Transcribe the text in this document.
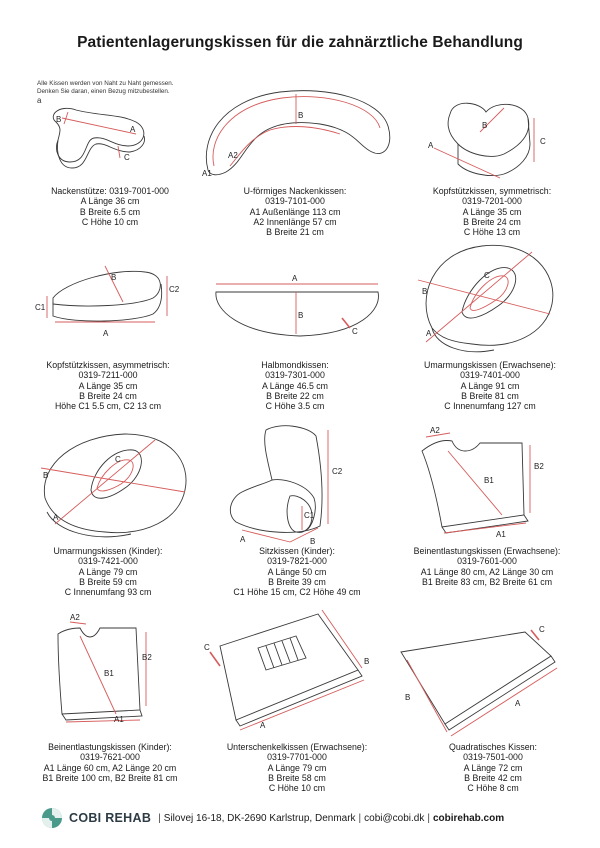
Patientenlagerungskissen für die zahnärztliche Behandlung
Alle Kissen werden von Naht zu Naht gemessen.
Denken Sie daran, einen Bezug mitzubestellen.
a
B
A
C
A1
A2
B
B
C
A
B
C1
C2
A
A
B
C
B
C
A
B
C
A
C2
C1
A	B
A2
B2
B1
A1
A2
B2
B1
A1
C
B
A
B
A
C
Nackenstütze: 0319-7001-000
A Länge 36 cm
B Breite 6.5 cm
C Höhe 10 cm
U-förmiges Nackenkissen:
0319-7101-000
A1 Außenlänge 113 cm
A2 Innenlänge 57 cm
B Breite 21 cm
Kopfstützkissen, symmetrisch:
0319-7201-000
A Länge 35 cm
B Breite 24 cm
C Höhe 13 cm
Kopfstützkissen, asymmetrisch:
0319-7211-000
A Länge 35 cm
B Breite 24 cm
Höhe C1 5.5 cm, C2 13 cm
Halbmondkissen:
0319-7301-000
A Länge 46.5 cm
B Breite 22 cm
C Höhe 3.5 cm
Umarmungskissen (Erwachsene):
0319-7401-000
A Länge 91 cm
B Breite 81 cm
C Innenumfang 127 cm
Umarmungskissen (Kinder):
0319-7421-000
A Länge 79 cm
B Breite 59 cm
C Innenumfang 93 cm
Sitzkissen (Kinder):
0319-7821-000
A Länge 50 cm
B Breite 39 cm
C1 Höhe 15 cm, C2 Höhe 49 cm
Beinentlastungskissen (Erwachsene):
0319-7601-000
A1 Länge 80 cm, A2 Länge 30 cm
B1 Breite 83 cm, B2 Breite 61 cm
Beinentlastungskissen (Kinder):
0319-7621-000
A1 Länge 60 cm, A2 Länge 20 cm
B1 Breite 100 cm, B2 Breite 81 cm
Unterschenkelkissen (Erwachsene):
0319-7701-000
A Länge 79 cm
B Breite 58 cm
C Höhe 10 cm
Quadratisches Kissen:
0319-7501-000
A Länge 72 cm
B Breite 42 cm
C Höhe 8 cm
COBI REHAB | Silovej 16-18, DK-2690 Karlstrup, Denmark | cobi@cobi.dk | cobirehab.com
